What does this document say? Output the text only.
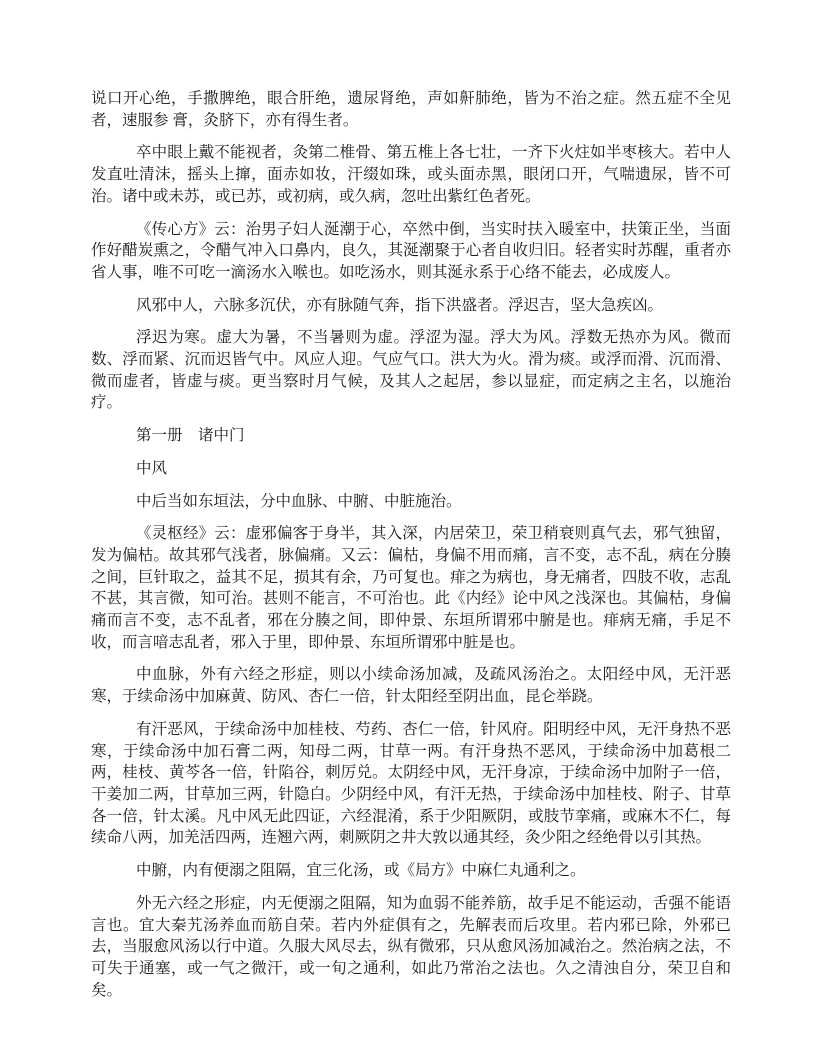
说口开心绝，手撒脾绝，眼合肝绝，遗尿肾绝，声如鼾肺绝，皆为不治之症。然五症不全见者，速服参 膏，灸脐下，亦有得生者。

卒中眼上戴不能视者，灸第二椎骨、第五椎上各七壮，一齐下火炷如半枣核大。若中人发直吐清沫，摇头上撺，面赤如妆，汗缀如珠，或头面赤黑，眼闭口开，气喘遗尿，皆不可治。诸中或未苏，或已苏，或初病，或久病，忽吐出紫红色者死。

《传心方》云：治男子妇人涎潮于心，卒然中倒，当实时扶入暖室中，扶策正坐，当面作好醋炭熏之，令醋气冲入口鼻内，良久，其涎潮聚于心者自收归旧。轻者实时苏醒，重者亦省人事，唯不可吃一滴汤水入喉也。如吃汤水，则其涎永系于心络不能去，必成废人。

风邪中人，六脉多沉伏，亦有脉随气奔，指下洪盛者。浮迟吉，坚大急疾凶。

浮迟为寒。虚大为暑，不当暑则为虚。浮涩为湿。浮大为风。浮数无热亦为风。微而数、浮而紧、沉而迟皆气中。风应人迎。气应气口。洪大为火。滑为痰。或浮而滑、沉而滑、微而虚者，皆虚与痰。更当察时月气候，及其人之起居，参以显症，而定病之主名，以施治疗。

第一册　诸中门

中风

中后当如东垣法，分中血脉、中腑、中脏施治。

《灵枢经》云：虚邪偏客于身半，其入深，内居荣卫，荣卫稍衰则真气去，邪气独留，发为偏枯。故其邪气浅者，脉偏痛。又云：偏枯，身偏不用而痛，言不变，志不乱，病在分腠之间，巨针取之，益其不足，损其有余，乃可复也。痱之为病也，身无痛者，四肢不收，志乱不甚，其言微，知可治。甚则不能言，不可治也。此《内经》论中风之浅深也。其偏枯，身偏痛而言不变，志不乱者，邪在分腠之间，即仲景、东垣所谓邪中腑是也。痱病无痛，手足不收，而言喑志乱者，邪入于里，即仲景、东垣所谓邪中脏是也。

中血脉，外有六经之形症，则以小续命汤加减，及疏风汤治之。太阳经中风，无汗恶寒，于续命汤中加麻黄、防风、杏仁一倍，针太阳经至阴出血，昆仑举跷。

有汗恶风，于续命汤中加桂枝、芍药、杏仁一倍，针风府。阳明经中风，无汗身热不恶寒，于续命汤中加石膏二两，知母二两，甘草一两。有汗身热不恶风，于续命汤中加葛根二两，桂枝、黄芩各一倍，针陷谷，刺厉兑。太阴经中风，无汗身凉，于续命汤中加附子一倍，干姜加二两，甘草加三两，针隐白。少阴经中风，有汗无热，于续命汤中加桂枝、附子、甘草各一倍，针太溪。凡中风无此四证，六经混淆，系于少阳厥阴，或肢节挛痛，或麻木不仁，每续命八两，加羌活四两，连翘六两，刺厥阴之井大敦以通其经，灸少阳之经绝骨以引其热。

中腑，内有便溺之阻隔，宜三化汤，或《局方》中麻仁丸通利之。

外无六经之形症，内无便溺之阻隔，知为血弱不能养筋，故手足不能运动，舌强不能语言也。宜大秦艽汤养血而筋自荣。若内外症俱有之，先解表而后攻里。若内邪已除，外邪已去，当服愈风汤以行中道。久服大风尽去，纵有微邪，只从愈风汤加减治之。然治病之法，不可失于通塞，或一气之微汗，或一旬之通利，如此乃常治之法也。久之清浊自分，荣卫自和矣。
